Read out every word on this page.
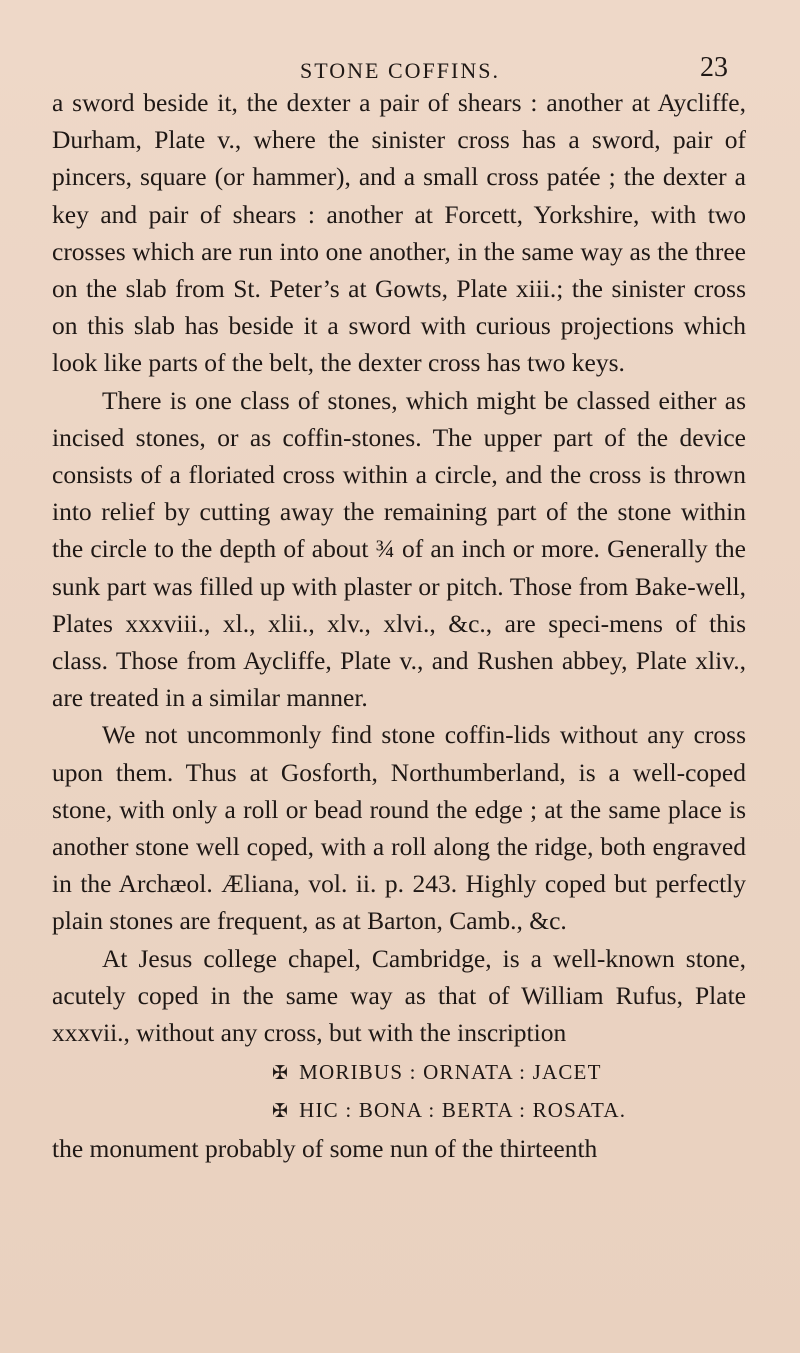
STONE COFFINS.	23

a sword beside it, the dexter a pair of shears : another at Aycliffe, Durham, Plate v., where the sinister cross has a sword, pair of pincers, square (or hammer), and a small cross patée ; the dexter a key and pair of shears : another at Forcett, Yorkshire, with two crosses which are run into one another, in the same way as the three on the slab from St. Peter’s at Gowts, Plate xiii.; the sinister cross on this slab has beside it a sword with curious projections which look like parts of the belt, the dexter cross has two keys.

There is one class of stones, which might be classed either as incised stones, or as coffin-stones. The upper part of the device consists of a floriated cross within a circle, and the cross is thrown into relief by cutting away the remaining part of the stone within the circle to the depth of about ¾ of an inch or more. Generally the sunk part was filled up with plaster or pitch. Those from Bake-well, Plates xxxviii., xl., xlii., xlv., xlvi., &c., are speci-mens of this class. Those from Aycliffe, Plate v., and Rushen abbey, Plate xliv., are treated in a similar manner.

We not uncommonly find stone coffin-lids without any cross upon them. Thus at Gosforth, Northumberland, is a well-coped stone, with only a roll or bead round the edge ; at the same place is another stone well coped, with a roll along the ridge, both engraved in the Archæol. Æliana, vol. ii. p. 243. Highly coped but perfectly plain stones are frequent, as at Barton, Camb., &c.

At Jesus college chapel, Cambridge, is a well-known stone, acutely coped in the same way as that of William Rufus, Plate xxxvii., without any cross, but with the inscription

✠ MORIBUS : ORNATA : JACET
✠ HIC : BONA : BERTA : ROSATA.

the monument probably of some nun of the thirteenth
